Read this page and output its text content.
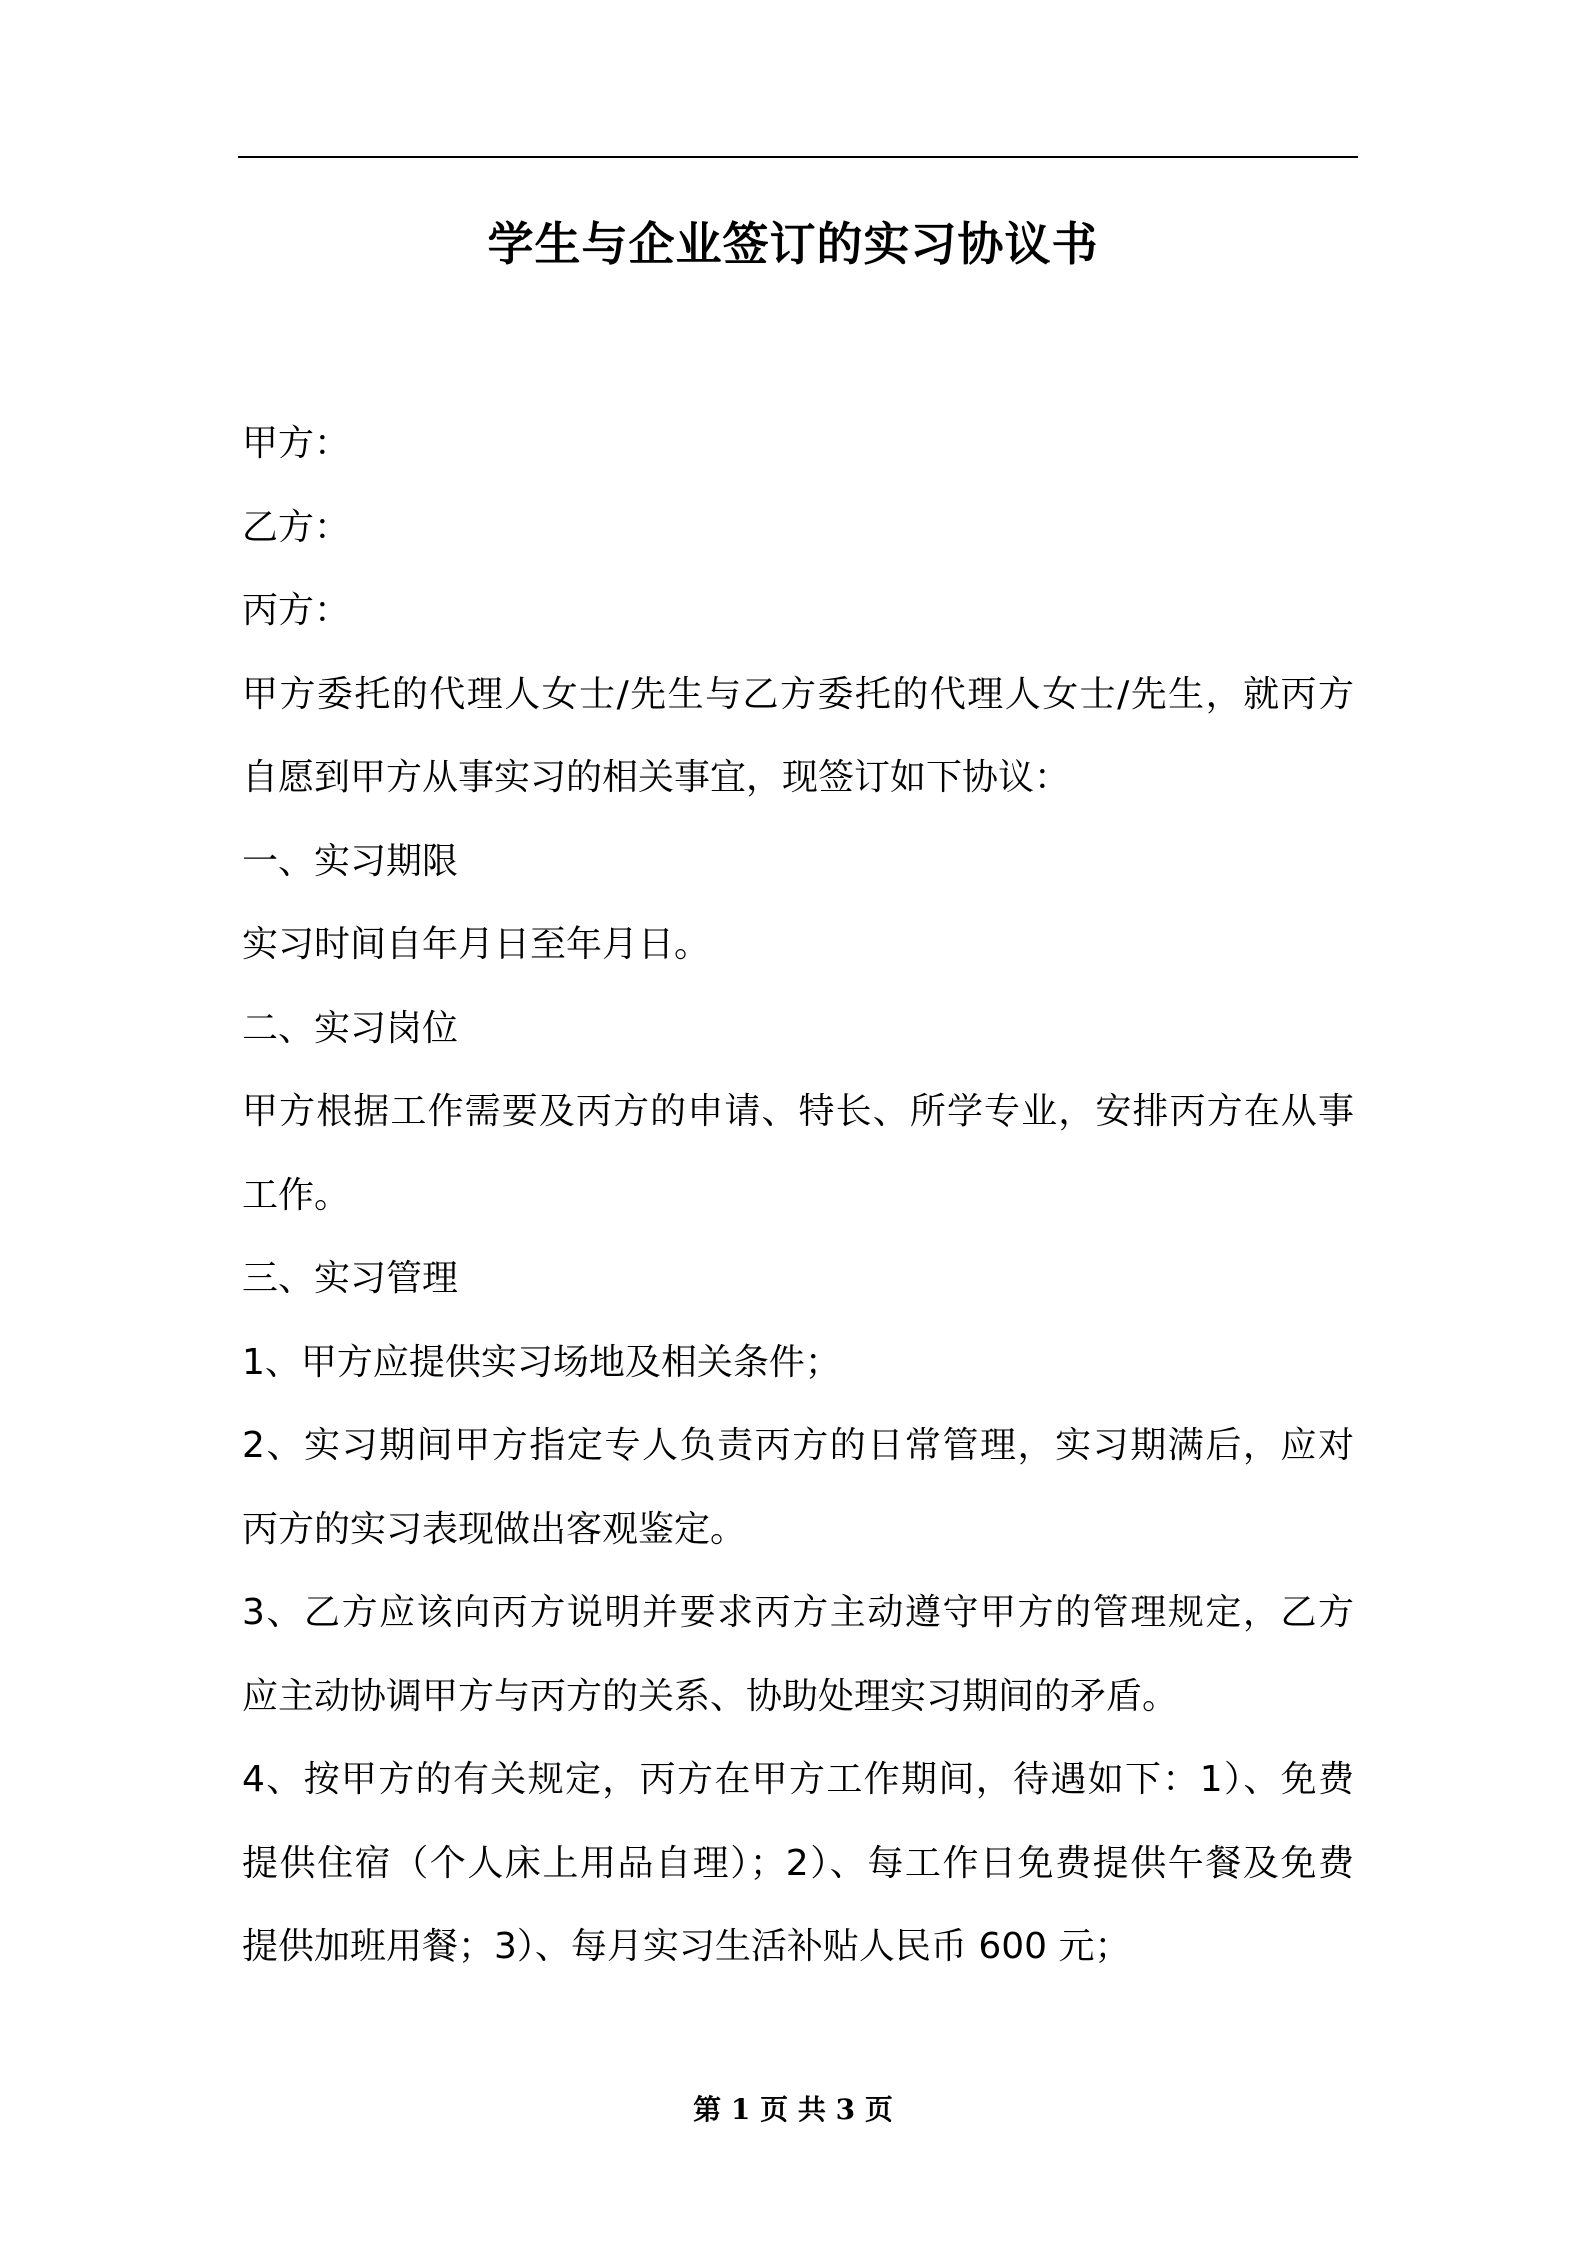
学生与企业签订的实习协议书
甲方：
乙方：
丙方：
甲方委托的代理人女士/先生与乙方委托的代理人女士/先生，就丙方
自愿到甲方从事实习的相关事宜，现签订如下协议：
一、实习期限
实习时间自年月日至年月日。
二、实习岗位
甲方根据工作需要及丙方的申请、特长、所学专业，安排丙方在从事
工作。
三、实习管理
1、甲方应提供实习场地及相关条件；
2、实习期间甲方指定专人负责丙方的日常管理，实习期满后，应对
丙方的实习表现做出客观鉴定。
3、乙方应该向丙方说明并要求丙方主动遵守甲方的管理规定，乙方
应主动协调甲方与丙方的关系、协助处理实习期间的矛盾。
4、按甲方的有关规定，丙方在甲方工作期间，待遇如下：1）、免费
提供住宿（个人床上用品自理）；2）、每工作日免费提供午餐及免费
提供加班用餐；3）、每月实习生活补贴人民币 600 元；
第 1 页 共 3 页
